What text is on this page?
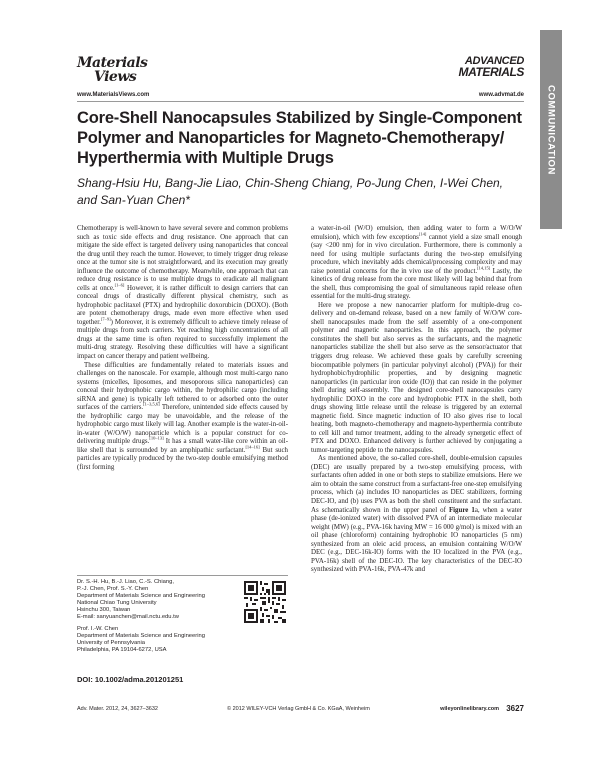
Materials
Views
www.MaterialsViews.com
ADVANCED
MATERIALS
www.advmat.de COMMUNICATION
Core-Shell Nanocapsules Stabilized by Single-Component Polymer and Nanoparticles for Magneto-Chemotherapy/ Hyperthermia with Multiple Drugs
Shang-Hsiu Hu, Bang-Jie Liao, Chin-Sheng Chiang, Po-Jung Chen, I-Wei Chen,
and San-Yuan Chen*

Chemotherapy is well-known to have several severe and common problems such as toxic side effects and drug resistance. One approach that can mitigate the side effect is targeted delivery using nanoparticles that conceal the drug until they reach the tumor. However, to timely trigger drug release once at the tumor site is not straightforward, and its execution may greatly influence the outcome of chemotherapy. Meanwhile, one approach that can reduce drug resistance is to use multiple drugs to eradicate all malignant cells at once.[1–6] However, it is rather difficult to design carriers that can conceal drugs of drastically different physical chemistry, such as hydrophobic paclitaxel (PTX) and hydrophilic doxorubicin (DOXO). (Both are potent chemotherapy drugs, made even more effective when used together.[7–9]) Moreover, it is extremely difficult to achieve timely release of multiple drugs from such carriers. Yet reaching high concentrations of all drugs at the same time is often required to successfully implement the multi-drug strategy. Resolving these difficulties will have a significant impact on cancer therapy and patient wellbeing.

These difficulties are fundamentally related to materials issues and challenges on the nanoscale. For example, although most multi-cargo nano systems (micelles, liposomes, and mesoporous silica nanoparticles) can conceal their hydrophobic cargo within, the hydrophilic cargo (including siRNA and gene) is typically left tethered to or adsorbed onto the outer surfaces of the carriers.[1–3,5,6] Therefore, unintended side effects caused by the hydrophilic cargo may be unavoidable, and the release of the hydrophobic cargo must likely will lag. Another example is the water-in-oil-in-water (W/O/W) nanoparticle which is a popular construct for co-delivering multiple drugs.[10–13] It has a small water-like core within an oil-like shell that is surrounded by an amphipathic surfactant.[14–16] But such particles are typically produced by the two-step double emulsifying method (first forming

Dr. S.-H. Hu, B.-J. Liao, C.-S. Chiang,
P.-J. Chen, Prof. S.-Y. Chen
Department of Materials Science and Engineering
National Chiao Tung University
Hsinchu 300, Taiwan
E-mail: sanyuanchen@mail.nctu.edu.tw
Prof. I.-W. Chen
Department of Materials Science and Engineering
University of Pennsylvania
Philadelphia, PA 19104-6272, USA
DOI: 10.1002/adma.201201251

a water-in-oil (W/O) emulsion, then adding water to form a W/O/W emulsion), which with few exceptions[14] cannot yield a size small enough (say <200 nm) for in vivo circulation. Furthermore, there is commonly a need for using multiple surfactants during the two-step emulsifying procedure, which inevitably adds chemical/processing complexity and may raise potential concerns for the in vivo use of the product.[14,15] Lastly, the kinetics of drug release from the core most likely will lag behind that from the shell, thus compromising the goal of simultaneous rapid release often essential for the multi-drug strategy.

Here we propose a new nanocarrier platform for multiple-drug co-delivery and on-demand release, based on a new family of W/O/W core-shell nanocapsules made from the self assembly of a one-component polymer and magnetic nanoparticles. In this approach, the polymer constitutes the shell but also serves as the surfactants, and the magnetic nanoparticles stabilize the shell but also serve as the sensor/actuator that triggers drug release. We achieved these goals by carefully screening biocompatible polymers (in particular polyvinyl alcohol) (PVA)) for their hydrophobic/hydrophilic properties, and by designing magnetic nanoparticles (in particular iron oxide (IO)) that can reside in the polymer shell during self-assembly. The designed core-shell nanocapsules carry hydrophilic DOXO in the core and hydrophobic PTX in the shell, both drugs showing little release until the release is triggered by an external magnetic field. Since magnetic induction of IO also gives rise to local heating, both magneto-chemotherapy and magneto-hyperthermia contribute to cell kill and tumor treatment, adding to the already synergetic effect of PTX and DOXO. Enhanced delivery is further achieved by conjugating a tumor-targeting peptide to the nanocapsules.

As mentioned above, the so-called core-shell, double-emulsion capsules (DEC) are usually prepared by a two-step emulsifying process, with surfactants often added in one or both steps to stabilize emulsions. Here we aim to obtain the same construct from a surfactant-free one-step emulsifying process, which (a) includes IO nanoparticles as DEC stabilizers, forming DEC-IO, and (b) uses PVA as both the shell constituent and the surfactant. As schematically shown in the upper panel of Figure 1a, when a water phase (de-ionized water) with dissolved PVA of an intermediate molecular weight (MW) (e.g., PVA-16k having MW = 16 000 g/mol) is mixed with an oil phase (chloroform) containing hydrophobic IO nanoparticles (5 nm) synthesized from an oleic acid process, an emulsion containing W/O/W DEC (e.g., DEC-16k-IO) forms with the IO localized in the PVA (e.g., PVA-16k) shell of the DEC-IO. The key characteristics of the DEC-IO synthesized with PVA-16k, PVA-47k and

Adv. Mater. 2012, 24, 3627–3632	© 2012 WILEY-VCH Verlag GmbH & Co. KGaA, Weinheim	wileyonlinelibrary.com 3627
